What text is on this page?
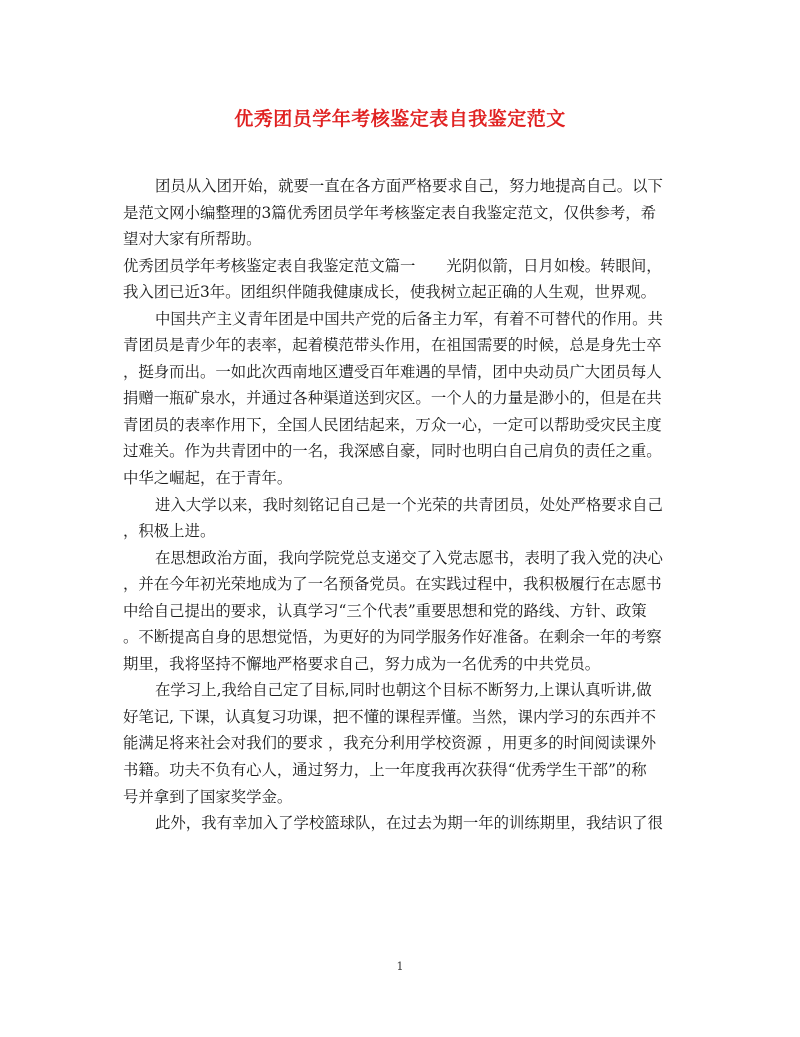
优秀团员学年考核鉴定表自我鉴定范文
团员从入团开始，就要一直在各方面严格要求自己，努力地提高自己。以下
是范文网小编整理的3篇优秀团员学年考核鉴定表自我鉴定范文，仅供参考，希
望对大家有所帮助。
优秀团员学年考核鉴定表自我鉴定范文篇一　　光阴似箭，日月如梭。转眼间，
我入团已近3年。团组织伴随我健康成长，使我树立起正确的人生观，世界观。
中国共产主义青年团是中国共产党的后备主力军，有着不可替代的作用。共
青团员是青少年的表率，起着模范带头作用，在祖国需要的时候，总是身先士卒
，挺身而出。一如此次西南地区遭受百年难遇的旱情，团中央动员广大团员每人
捐赠一瓶矿泉水，并通过各种渠道送到灾区。一个人的力量是渺小的，但是在共
青团员的表率作用下，全国人民团结起来，万众一心，一定可以帮助受灾民主度
过难关。作为共青团中的一名，我深感自豪，同时也明白自己肩负的责任之重。
中华之崛起，在于青年。
进入大学以来，我时刻铭记自己是一个光荣的共青团员，处处严格要求自己
，积极上进。
在思想政治方面，我向学院党总支递交了入党志愿书，表明了我入党的决心
，并在今年初光荣地成为了一名预备党员。在实践过程中，我积极履行在志愿书
中给自己提出的要求，认真学习“三个代表”重要思想和党的路线、方针、政策
。不断提高自身的思想觉悟，为更好的为同学服务作好准备。在剩余一年的考察
期里，我将坚持不懈地严格要求自己，努力成为一名优秀的中共党员。
在学习上,我给自己定了目标,同时也朝这个目标不断努力,上课认真听讲,做
好笔记, 下课，认真复习功课，把不懂的课程弄懂。当然，课内学习的东西并不
能满足将来社会对我们的要求 ，我充分利用学校资源 ，用更多的时间阅读课外
书籍。功夫不负有心人，通过努力，上一年度我再次获得“优秀学生干部”的称
号并拿到了国家奖学金。
此外，我有幸加入了学校篮球队，在过去为期一年的训练期里，我结识了很
1
